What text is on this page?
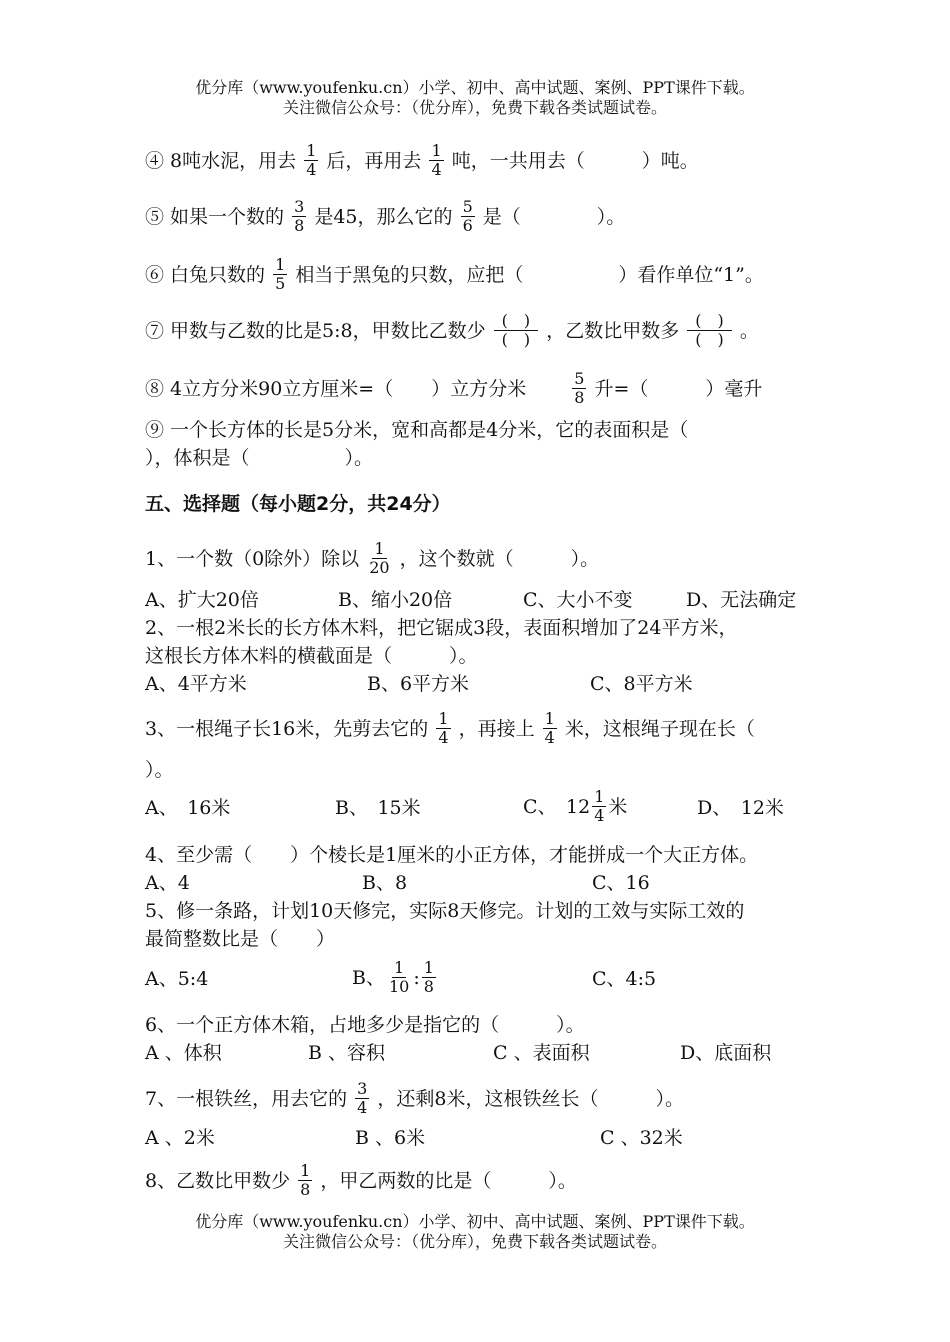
优分库（www.youfenku.cn）小学、初中、高中试题、案例、PPT课件下载。
关注微信公众号：（优分库），免费下载各类试题试卷。
④ 8吨水泥，用去 $\frac{1}{4}$ 后，再用去 $\frac{1}{4}$ 吨，一共用去（　　　）吨。
⑤ 如果一个数的 $\frac{3}{8}$ 是45，那么它的 $\frac{5}{6}$ 是（　　　　）。
⑥ 白兔只数的 $\frac{1}{5}$ 相当于黑兔的只数，应把（　　　　　）看作单位“1”。
⑦ 甲数与乙数的比是5:8，甲数比乙数少 $\frac{( )}{( )}$ ，乙数比甲数多 $\frac{( )}{( )}$ 。
⑧ 4立方分米90立方厘米=（　　）立方分米　　 $\frac{5}{8}$ 升=（　　　）毫升
⑨ 一个长方体的长是5分米，宽和高都是4分米，它的表面积是（
），体积是（　　　　　）。
五、选择题（每小题2分，共24分）
1、一个数（0除外）除以 $\frac{1}{20}$ ，这个数就（　　　）。
A、扩大20倍	B、缩小20倍	C、大小不变	D、无法确定
2、一根2米长的长方体木料，把它锯成3段，表面积增加了24平方米，
这根长方体木料的横截面是（　　　）。
A、4平方米	B、6平方米	C、8平方米
3、一根绳子长16米，先剪去它的 $\frac{1}{4}$ ，再接上 $\frac{1}{4}$ 米，这根绳子现在长（
）。
A、　16米	B、　15米	C、　$12 \frac{1}{4}$ 米	D、　12米
4、至少需（　　）个棱长是1厘米的小正方体，才能拼成一个大正方体。
A、4	B、8	C、16
5、修一条路，计划10天修完，实际8天修完。计划的工效与实际工效的
最简整数比是（　　）
A、5:4	B、 $\frac{1}{10}$ : $\frac{1}{8}$	C、4:5
6、一个正方体木箱，占地多少是指它的（　　　）。
A 、体积	B 、容积	C 、表面积	D、底面积
7、一根铁丝，用去它的 $\frac{3}{4}$ ，还剩8米，这根铁丝长（　　　）。
A 、2米	B 、6米	C 、32米
8、乙数比甲数少 $\frac{1}{8}$ ，甲乙两数的比是（　　　）。
优分库（www.youfenku.cn）小学、初中、高中试题、案例、PPT课件下载。
关注微信公众号：（优分库），免费下载各类试题试卷。
